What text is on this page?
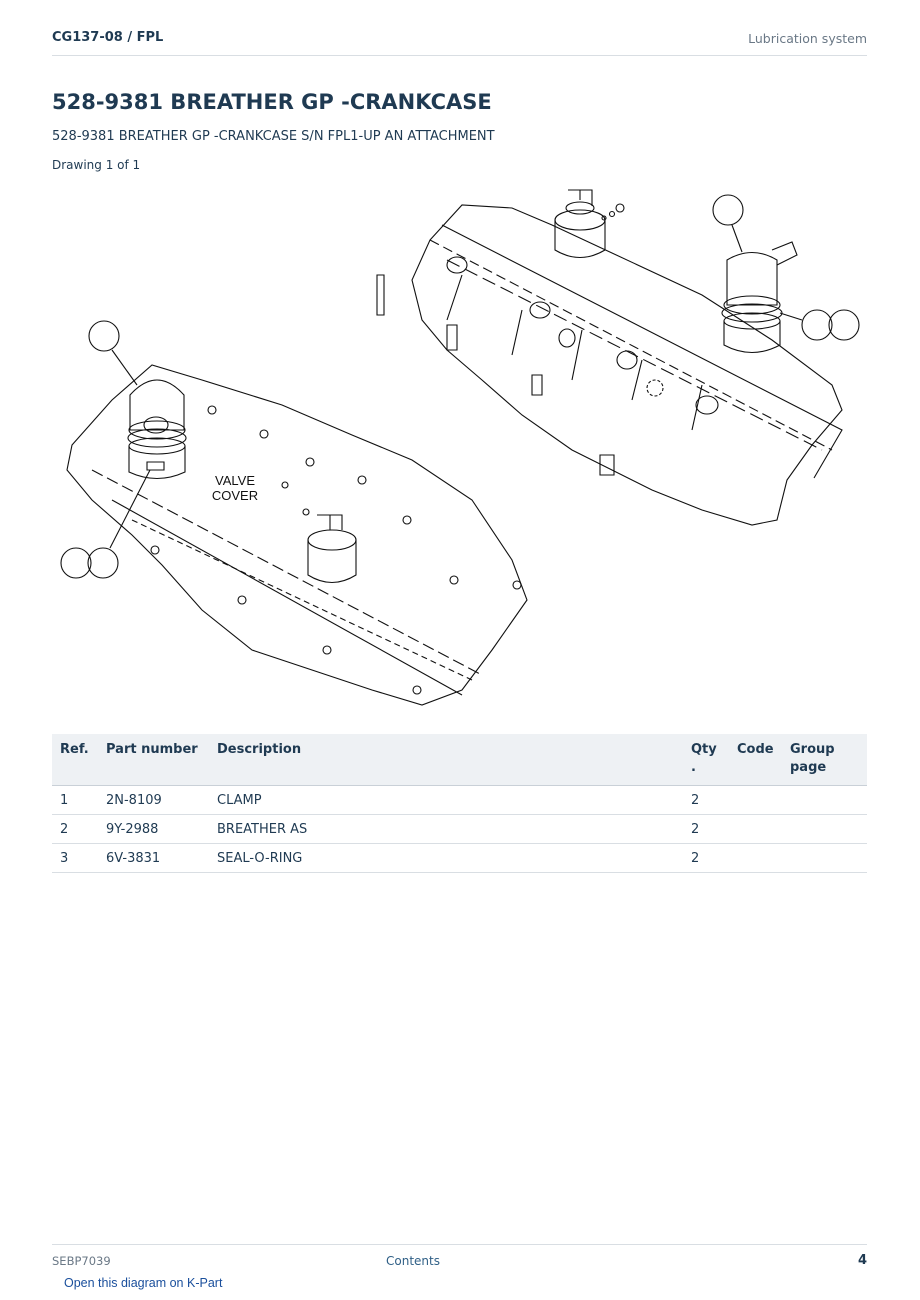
CG137-08 / FPL	Lubrication system
528-9381 BREATHER GP -CRANKCASE
528-9381 BREATHER GP -CRANKCASE S/N FPL1-UP AN ATTACHMENT
Drawing 1 of 1
VALVE
COVER
Ref.	Part number	Description	Qty .	Code	Group page
1	2N-8109	CLAMP	2		
2	9Y-2988	BREATHER AS	2		
3	6V-3831	SEAL-O-RING	2		
SEBP7039	Contents	4
Open this diagram on K-Part
